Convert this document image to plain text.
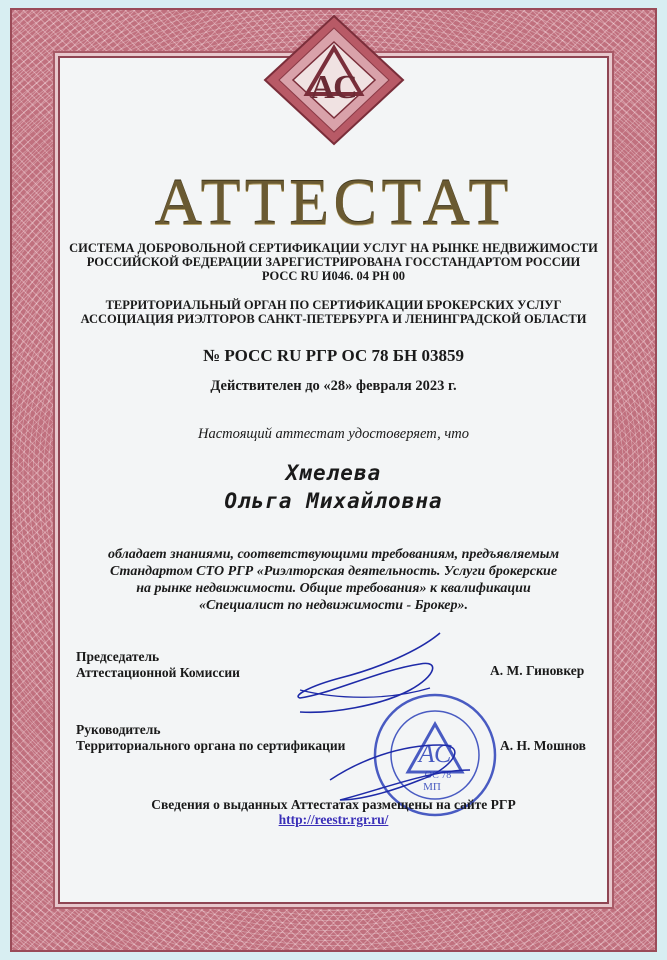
АС
АТТЕСТАТ
СИСТЕМА ДОБРОВОЛЬНОЙ СЕРТИФИКАЦИИ УСЛУГ НА РЫНКЕ НЕДВИЖИМОСТИ
РОССИЙСКОЙ ФЕДЕРАЦИИ ЗАРЕГИСТРИРОВАНА ГОССТАНДАРТОМ РОССИИ
РОСС RU И046. 04 РН 00
ТЕРРИТОРИАЛЬНЫЙ ОРГАН ПО СЕРТИФИКАЦИИ БРОКЕРСКИХ УСЛУГ
АССОЦИАЦИЯ РИЭЛТОРОВ САНКТ-ПЕТЕРБУРГА И ЛЕНИНГРАДСКОЙ ОБЛАСТИ
№ РОСС RU РГР ОС 78 БН 03859
Действителен до «28» февраля 2023 г.
Настоящий аттестат удостоверяет, что
Хмелева
Ольга Михайловна
обладает знаниями, соответствующими требованиям, предъявляемым
Стандартом СТО РГР «Риэлторская деятельность. Услуги брокерские
на рынке недвижимости. Общие требования» к квалификации
«Специалист по недвижимости - Брокер».
Председатель
Аттестационной Комиссии	А. М. Гиновкер
Руководитель
Территориального органа по сертификации	А. Н. Мошнов
АС
МП
ОС 78
Сведения о выданных Аттестатах размещены на сайте РГР
http://reestr.rgr.ru/
